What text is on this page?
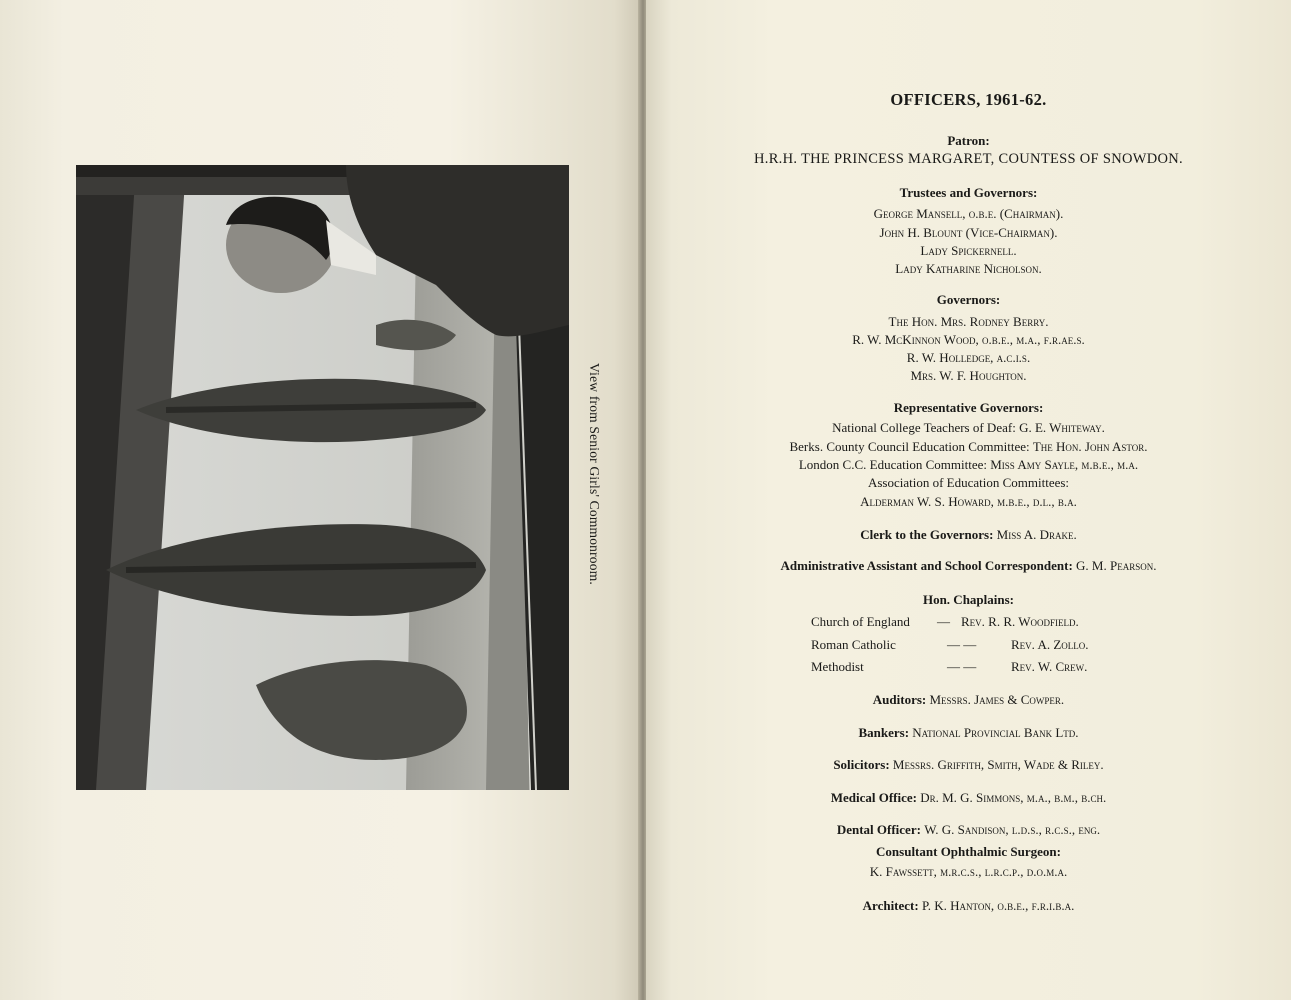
View from Senior Girls' Commonroom.
OFFICERS, 1961-62.
Patron:
H.R.H. THE PRINCESS MARGARET, COUNTESS OF SNOWDON.
Trustees and Governors:
George Mansell, o.b.e. (Chairman).
John H. Blount (Vice-Chairman).
Lady Spickernell.
Lady Katharine Nicholson.
Governors:
The Hon. Mrs. Rodney Berry.
R. W. McKinnon Wood, o.b.e., m.a., f.r.ae.s.
R. W. Holledge, a.c.i.s.
Mrs. W. F. Houghton.
Representative Governors:
National College Teachers of Deaf: G. E. Whiteway.
Berks. County Council Education Committee: The Hon. John Astor.
London C.C. Education Committee: Miss Amy Sayle, m.b.e., m.a.
Association of Education Committees:
Alderman W. S. Howard, m.b.e., d.l., b.a.
Clerk to the Governors: Miss A. Drake.
Administrative Assistant and School Correspondent: G. M. Pearson.
Hon. Chaplains:
Church of England — Rev. R. R. Woodfield.
Roman Catholic	— —	Rev. A. Zollo.
Methodist	— —	Rev. W. Crew.
Auditors: Messrs. James & Cowper.
Bankers: National Provincial Bank Ltd.
Solicitors: Messrs. Griffith, Smith, Wade & Riley.
Medical Office: Dr. M. G. Simmons, m.a., b.m., b.ch.
Dental Officer: W. G. Sandison, l.d.s., r.c.s., eng.
Consultant Ophthalmic Surgeon:
K. Fawssett, m.r.c.s., l.r.c.p., d.o.m.a.
Architect: P. K. Hanton, o.b.e., f.r.i.b.a.
